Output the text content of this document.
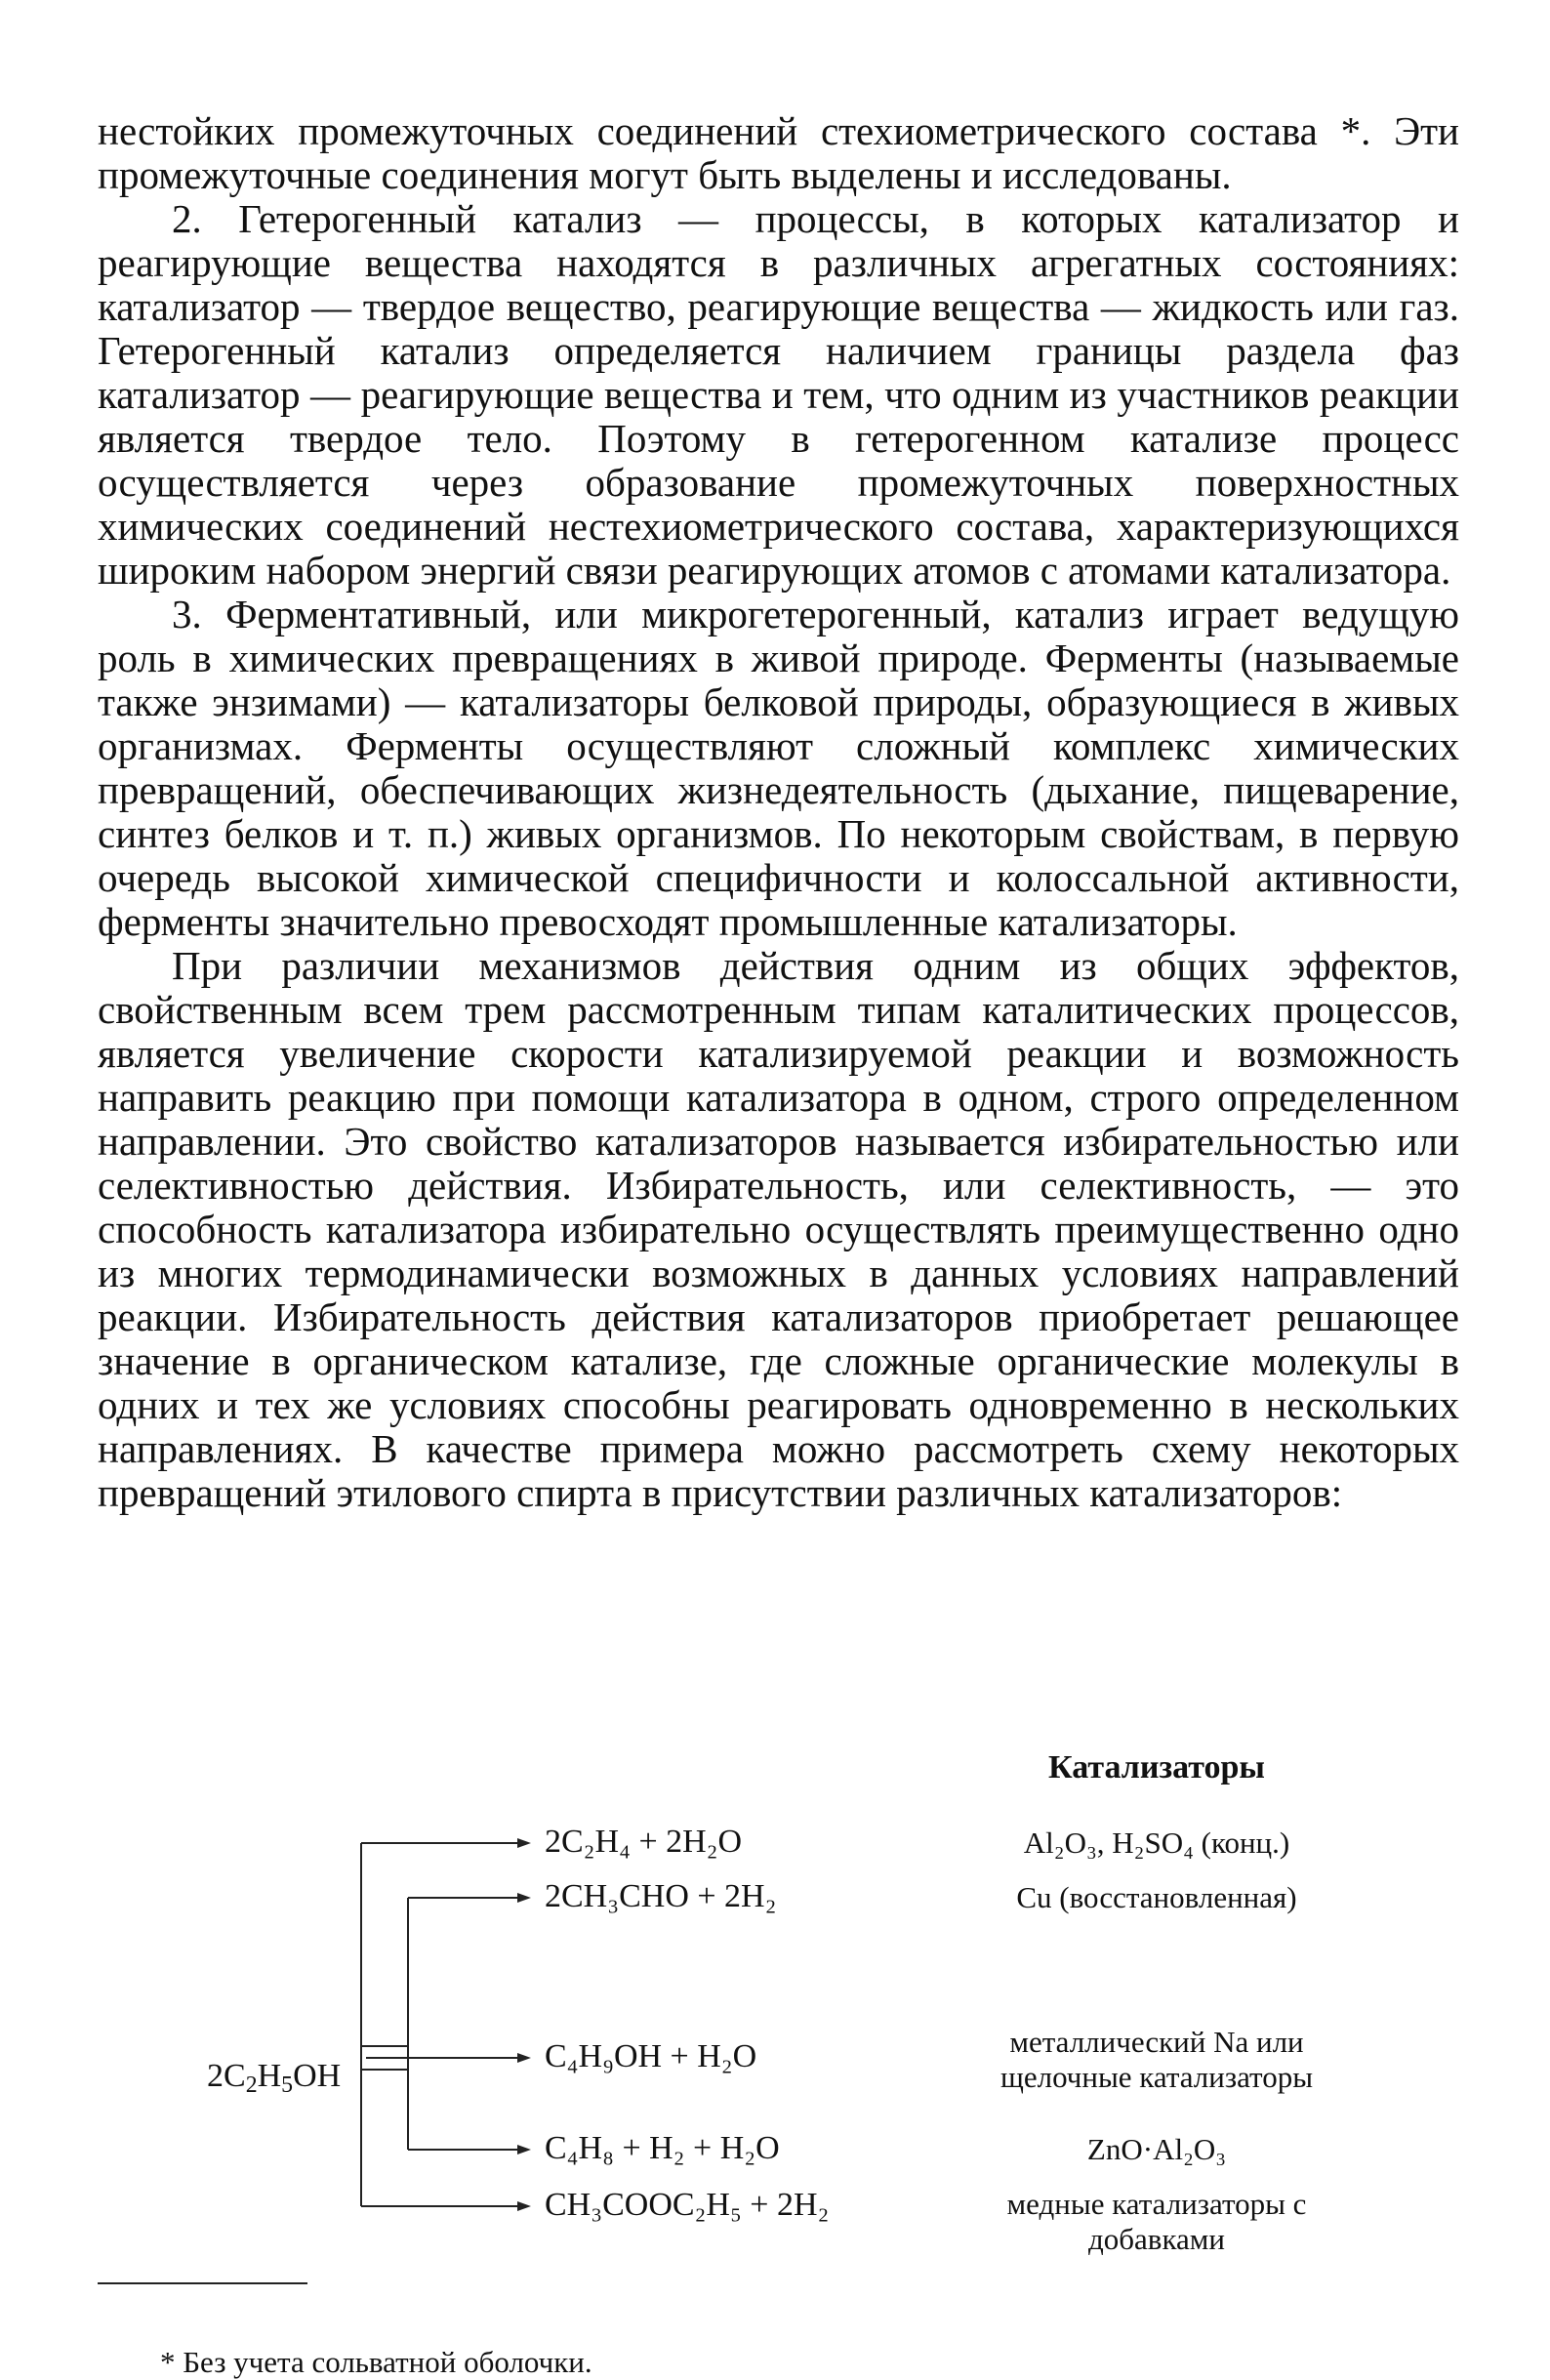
нестойких промежуточных соединений стехиометрического состава *. Эти промежуточные соединения могут быть выделены и исследованы.

2. Гетерогенный катализ — процессы, в которых катализатор и реагирующие вещества находятся в различных агрегатных состояниях: катализатор — твердое вещество, реагирующие вещества — жидкость или газ. Гетерогенный катализ определяется наличием границы раздела фаз катализатор — реагирующие вещества и тем, что одним из участников реакции является твердое тело. Поэтому в гетерогенном катализе процесс осуществляется через образование промежуточных поверхностных химических соединений нестехиометрического состава, характеризующихся широким набором энергий связи реагирующих атомов с атомами катализатора.

3. Ферментативный, или микрогетерогенный, катализ играет ведущую роль в химических превращениях в живой природе. Ферменты (называемые также энзимами) — катализаторы белковой природы, образующиеся в живых организмах. Ферменты осуществляют сложный комплекс химических превращений, обеспечивающих жизнедеятельность (дыхание, пищеварение, синтез белков и т. п.) живых организмов. По некоторым свойствам, в первую очередь высокой химической специфичности и колоссальной активности, ферменты значительно превосходят промышленные катализаторы.

При различии механизмов действия одним из общих эффектов, свойственным всем трем рассмотренным типам каталитических процессов, является увеличение скорости катализируемой реакции и возможность направить реакцию при помощи катализатора в одном, строго определенном направлении. Это свойство катализаторов называется избирательностью или селективностью действия. Избирательность, или селективность, — это способность катализатора избирательно осуществлять преимущественно одно из многих термодинамически возможных в данных условиях направлений реакции. Избирательность действия катализаторов приобретает решающее значение в органическом катализе, где сложные органические молекулы в одних и тех же условиях способны реагировать одновременно в нескольких направлениях. В качестве примера можно рассмотреть схему некоторых превращений этилового спирта в присутствии различных катализаторов:

Катализаторы
$2C_2H_5OH$
2C₂H₄ + 2H₂O
2CH₃CHO + 2H₂
C₄H₉OH + H₂O
C₄H₈ + H₂ + H₂O
CH₃COOC₂H₅ + 2H₂
Al₂O₃, H₂SO₄ (конц.)
Cu (восстановленная)
металлический Na или щелочные катализаторы
ZnO·Al₂O₃
медные катализаторы с добавками
* Без учета сольватной оболочки.
